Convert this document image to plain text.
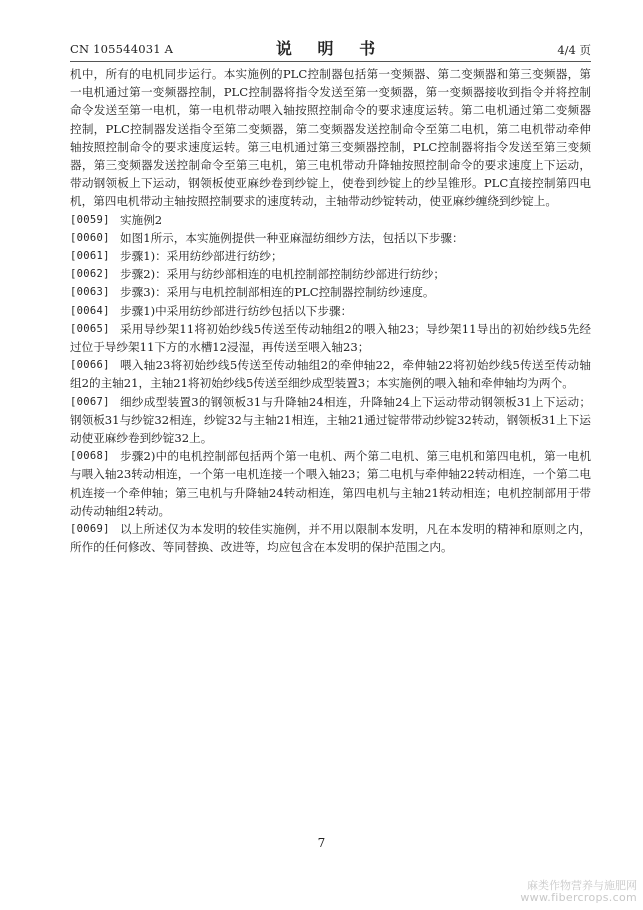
CN 105544031 A	说 明 书	4/4 页

机中，所有的电机同步运行。本实施例的PLC控制器包括第一变频器、第二变频器和第三变频器，第一电机通过第一变频器控制，PLC控制器将指令发送至第一变频器，第一变频器接收到指令并将控制命令发送至第一电机，第一电机带动喂入轴按照控制命令的要求速度运转。第二电机通过第二变频器控制，PLC控制器发送指令至第二变频器，第二变频器发送控制命令至第二电机，第二电机带动牵伸轴按照控制命令的要求速度运转。第三电机通过第三变频器控制，PLC控制器将指令发送至第三变频器，第三变频器发送控制命令至第三电机，第三电机带动升降轴按照控制命令的要求速度上下运动，带动钢领板上下运动，钢领板使亚麻纱卷到纱锭上，使卷到纱锭上的纱呈锥形。PLC直接控制第四电机，第四电机带动主轴按照控制要求的速度转动，主轴带动纱锭转动，使亚麻纱缠绕到纱锭上。

[0059] 实施例2

[0060] 如图1所示，本实施例提供一种亚麻湿纺细纱方法，包括以下步骤：

[0061] 步骤1)：采用纺纱部进行纺纱；

[0062] 步骤2)：采用与纺纱部相连的电机控制部控制纺纱部进行纺纱；

[0063] 步骤3)：采用与电机控制部相连的PLC控制器控制纺纱速度。

[0064] 步骤1)中采用纺纱部进行纺纱包括以下步骤：

[0065] 采用导纱架11将初始纱线5传送至传动轴组2的喂入轴23；导纱架11导出的初始纱线5先经过位于导纱架11下方的水槽12浸湿，再传送至喂入轴23；

[0066] 喂入轴23将初始纱线5传送至传动轴组2的牵伸轴22，牵伸轴22将初始纱线5传送至传动轴组2的主轴21，主轴21将初始纱线5传送至细纱成型装置3；本实施例的喂入轴和牵伸轴均为两个。

[0067] 细纱成型装置3的钢领板31与升降轴24相连，升降轴24上下运动带动钢领板31上下运动；钢领板31与纱锭32相连，纱锭32与主轴21相连，主轴21通过锭带带动纱锭32转动，钢领板31上下运动使亚麻纱卷到纱锭32上。

[0068] 步骤2)中的电机控制部包括两个第一电机、两个第二电机、第三电机和第四电机，第一电机与喂入轴23转动相连，一个第一电机连接一个喂入轴23；第二电机与牵伸轴22转动相连，一个第二电机连接一个牵伸轴；第三电机与升降轴24转动相连，第四电机与主轴21转动相连；电机控制部用于带动传动轴组2转动。

[0069] 以上所述仅为本发明的较佳实施例，并不用以限制本发明，凡在本发明的精神和原则之内，所作的任何修改、等同替换、改进等，均应包含在本发明的保护范围之内。

7
麻类作物营养与施肥网
www.fibercrops.com
